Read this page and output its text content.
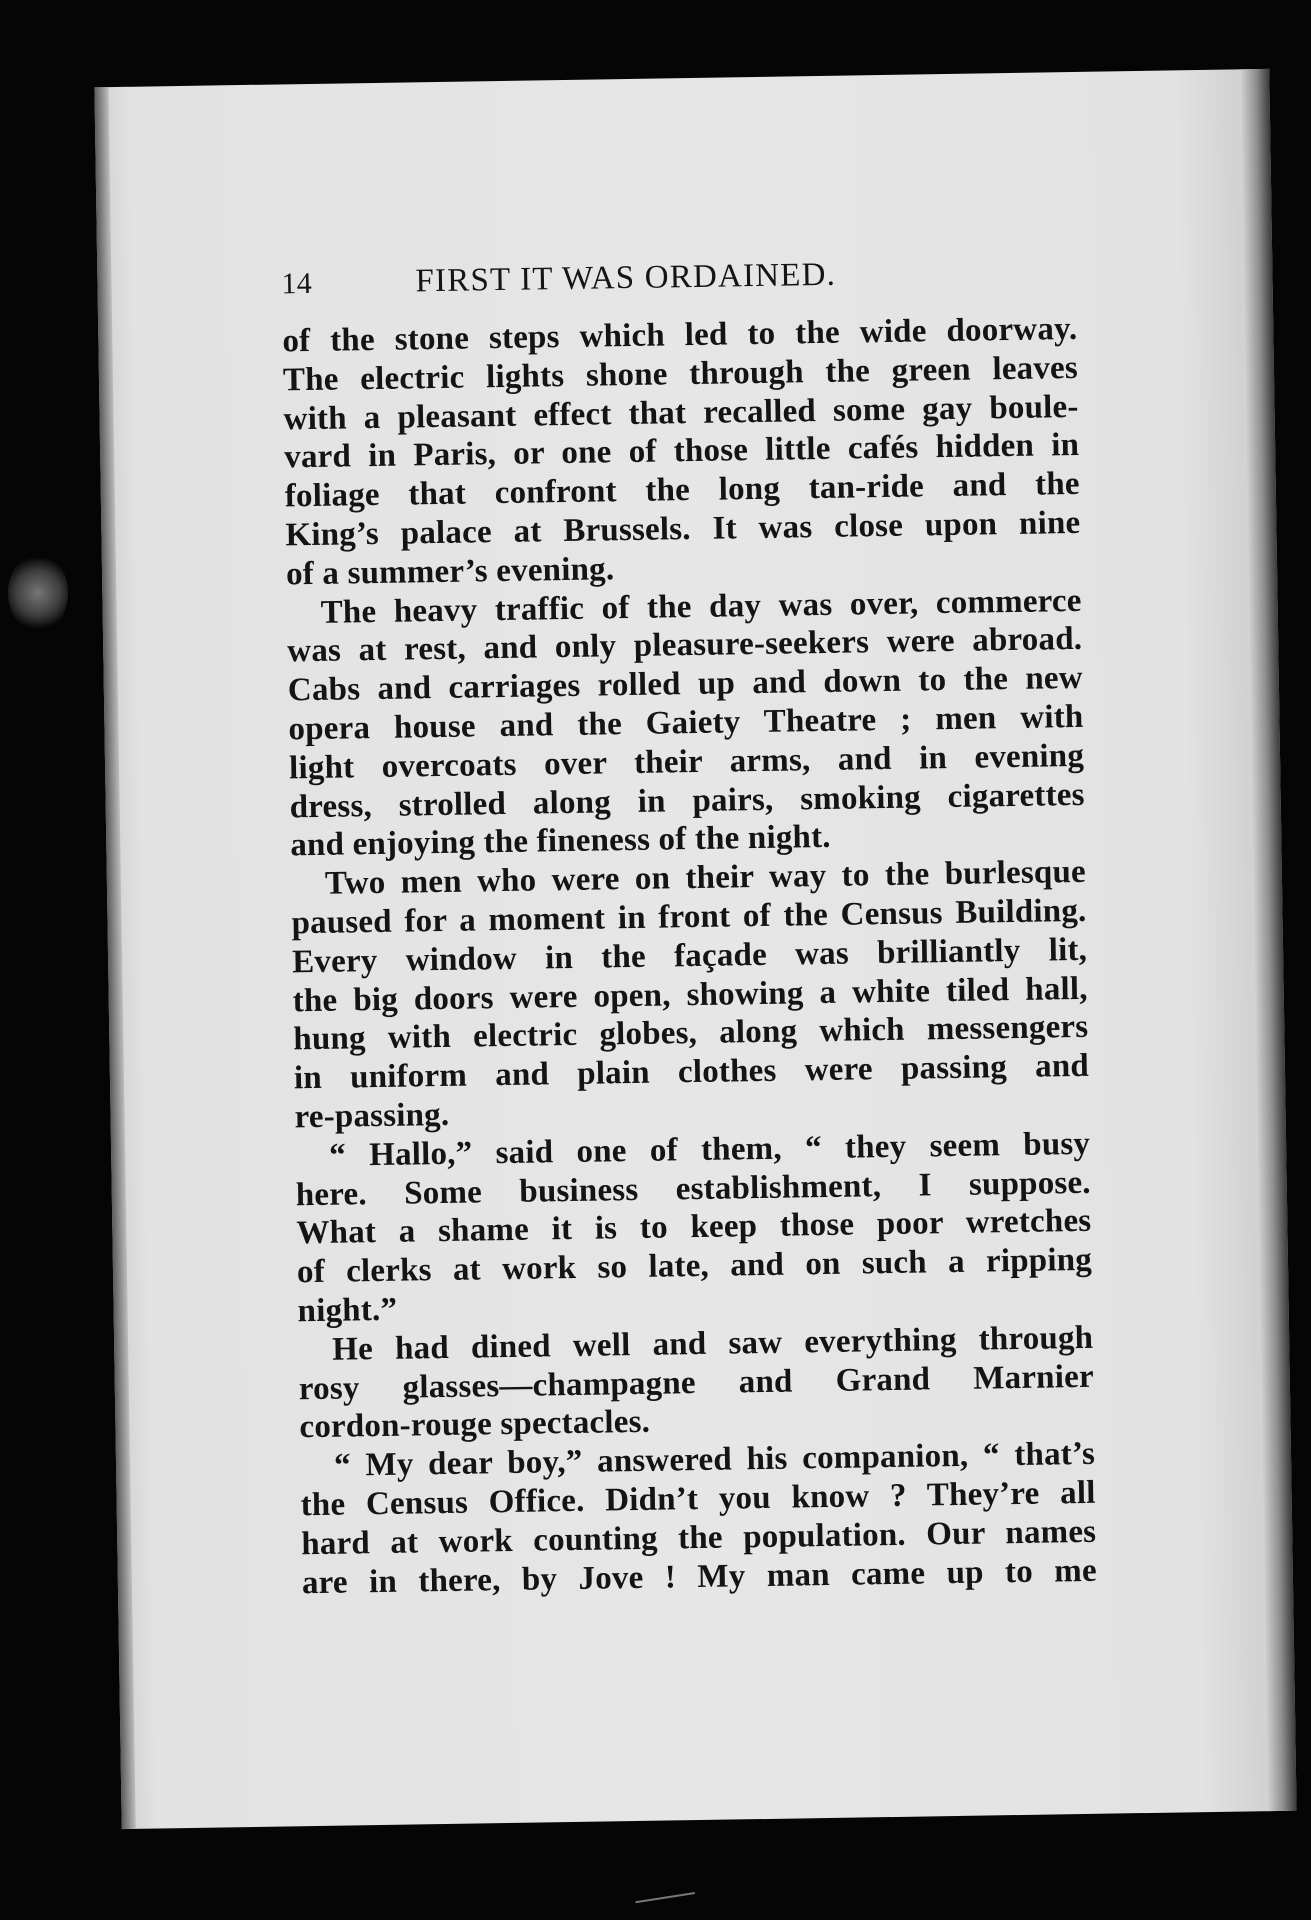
14	FIRST IT WAS ORDAINED.
of the stone steps which led to the wide doorway.
The electric lights shone through the green leaves
with a pleasant effect that recalled some gay boule-
vard in Paris, or one of those little cafés hidden in
foliage that confront the long tan-ride and the
King’s palace at Brussels. It was close upon nine
of a summer’s evening.
The heavy traffic of the day was over, commerce
was at rest, and only pleasure-seekers were abroad.
Cabs and carriages rolled up and down to the new
opera house and the Gaiety Theatre ; men with
light overcoats over their arms, and in evening
dress, strolled along in pairs, smoking cigarettes
and enjoying the fineness of the night.
Two men who were on their way to the burlesque
paused for a moment in front of the Census Building.
Every window in the façade was brilliantly lit,
the big doors were open, showing a white tiled hall,
hung with electric globes, along which messengers
in uniform and plain clothes were passing and
re-passing.
“ Hallo,” said one of them, “ they seem busy
here. Some business establishment, I suppose.
What a shame it is to keep those poor wretches
of clerks at work so late, and on such a ripping
night.”
He had dined well and saw everything through
rosy glasses—champagne and Grand Marnier
cordon-rouge spectacles.
“ My dear boy,” answered his companion, “ that’s
the Census Office. Didn’t you know ? They’re all
hard at work counting the population. Our names
are in there, by Jove ! My man came up to me
